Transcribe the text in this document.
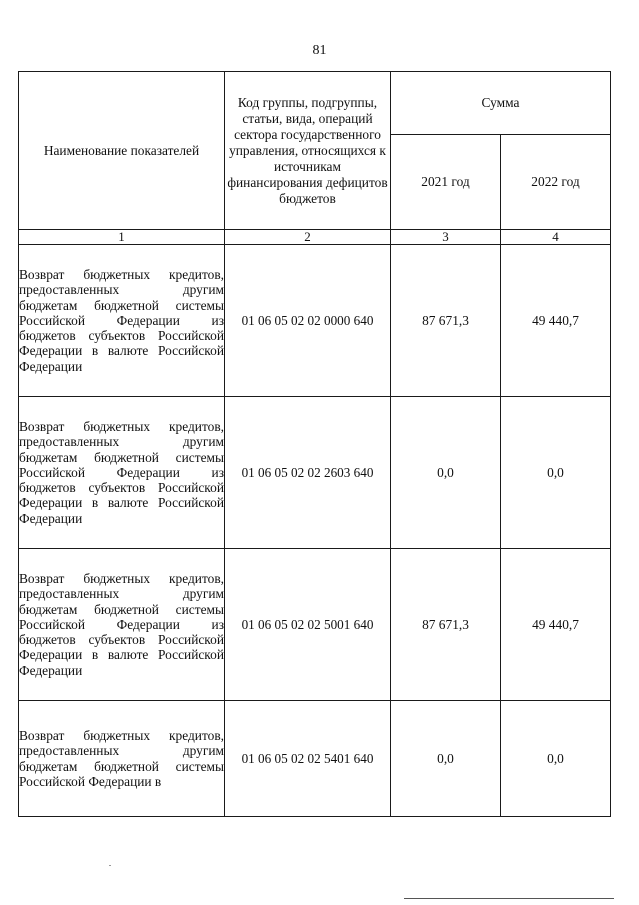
81
Наименование показателей	Код группы, подгруппы, статьи, вида, операций сектора государственного управления, относящихся к источникам финансирования дефицитов бюджетов	Сумма	
		2021 год	2022 год
1	2	3	4
Возврат бюджетных кредитов, предоставленных другим бюджетам бюджетной системы Российской Федерации из бюджетов субъектов Российской Федерации в валюте Российской Федерации	01 06 05 02 02 0000 640	87 671,3	49 440,7
Возврат бюджетных кредитов, предоставленных другим бюджетам бюджетной системы Российской Федерации из бюджетов субъектов Российской Федерации в валюте Российской Федерации	01 06 05 02 02 2603 640	0,0	0,0
Возврат бюджетных кредитов, предоставленных другим бюджетам бюджетной системы Российской Федерации из бюджетов субъектов Российской Федерации в валюте Российской Федерации	01 06 05 02 02 5001 640	87 671,3	49 440,7
Возврат бюджетных кредитов, предоставленных другим бюджетам бюджетной системы Российской Федерации в	01 06 05 02 02 5401 640	0,0	0,0
